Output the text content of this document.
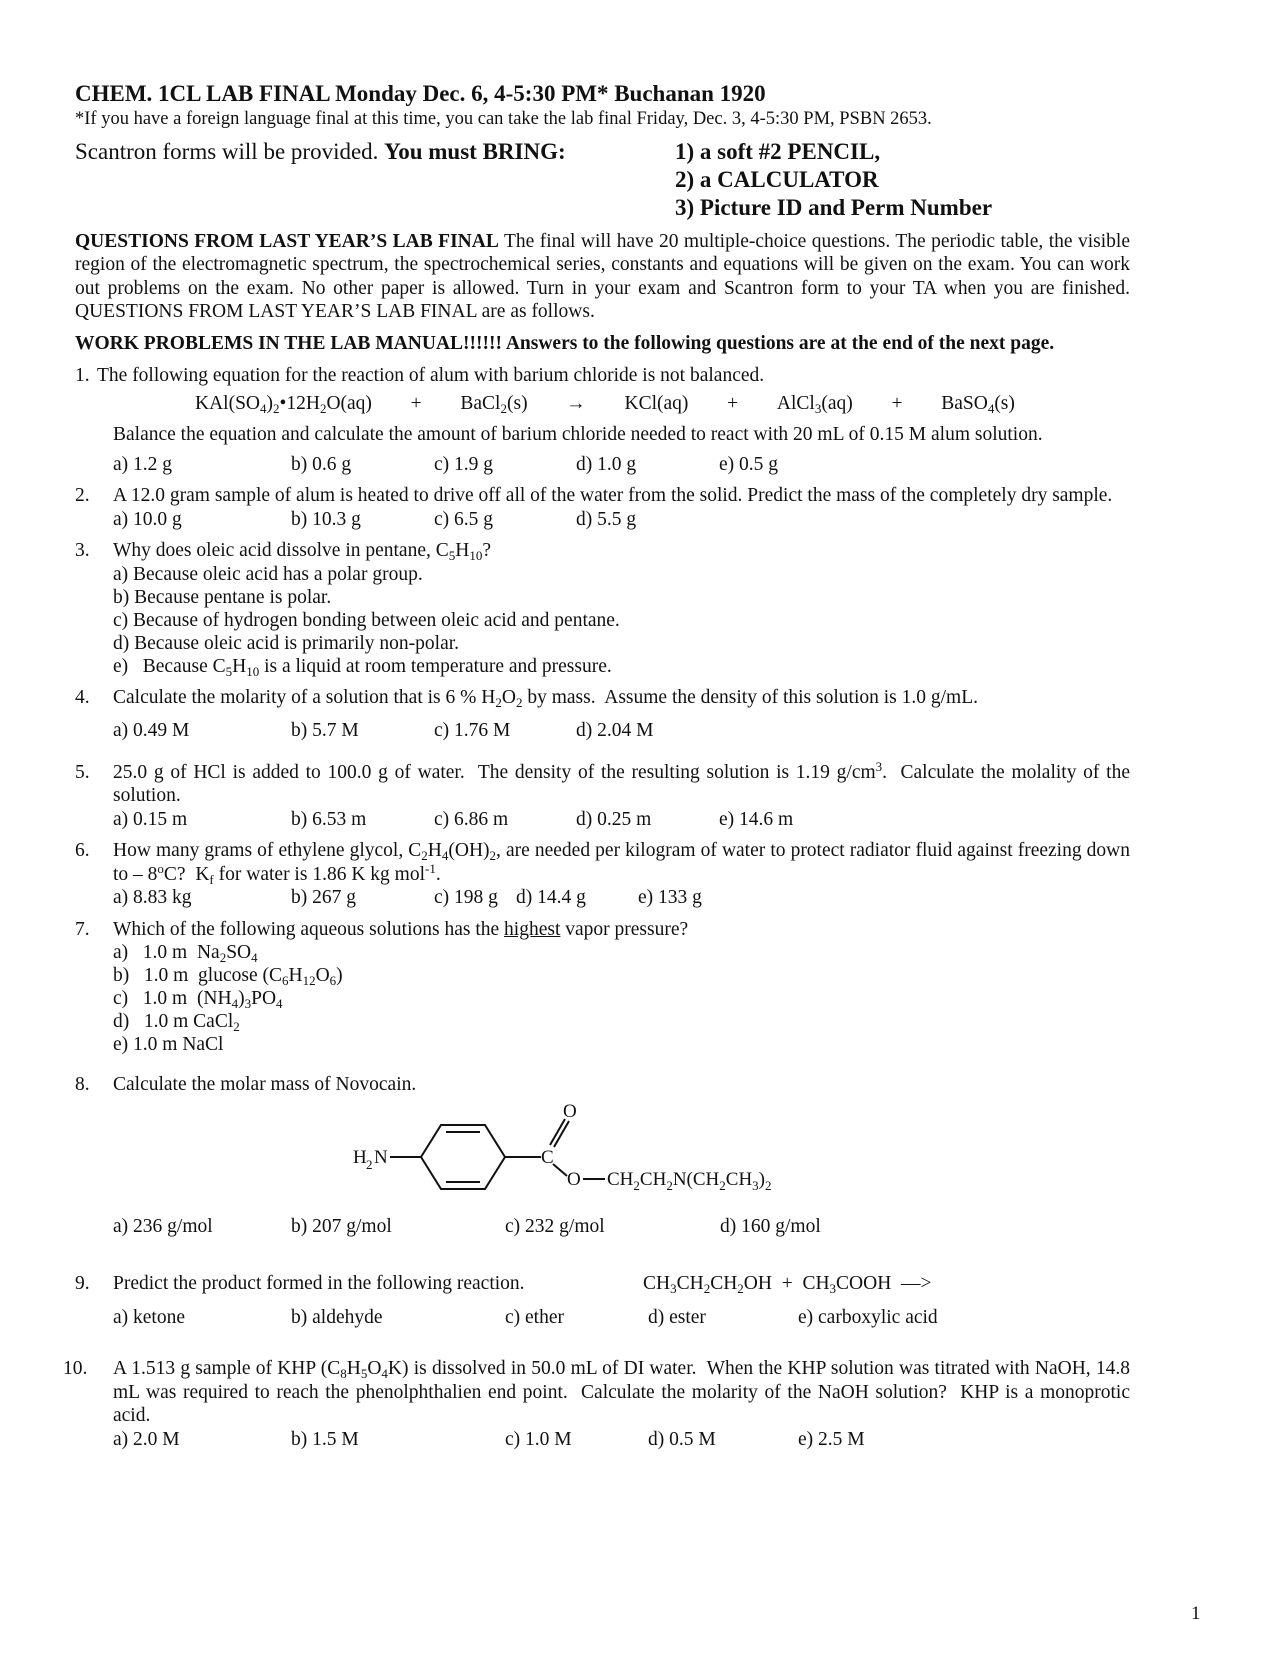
CHEM. 1CL LAB FINAL Monday Dec. 6, 4-5:30 PM* Buchanan 1920
*If you have a foreign language final at this time, you can take the lab final Friday, Dec. 3, 4-5:30 PM, PSBN 2653.
Scantron forms will be provided. You must BRING:	1) a soft #2 PENCIL,
2) a CALCULATOR
3) Picture ID and Perm Number
QUESTIONS FROM LAST YEAR’S LAB FINAL The final will have 20 multiple-choice questions. The periodic table, the visible region of the electromagnetic spectrum, the spectrochemical series, constants and equations will be given on the exam. You can work out problems on the exam. No other paper is allowed. Turn in your exam and Scantron form to your TA when you are finished. QUESTIONS FROM LAST YEAR’S LAB FINAL are as follows.
WORK PROBLEMS IN THE LAB MANUAL!!!!!! Answers to the following questions are at the end of the next page.
1. The following equation for the reaction of alum with barium chloride is not balanced.
$KAl(SO_4)_2•12H_2O(aq)$ + BaCl$_2$(s) → KCl(aq) + AlCl$_3$(aq) + BaSO$_4$(s)
Balance the equation and calculate the amount of barium chloride needed to react with 20 mL of 0.15 M alum solution.
a) 1.2 g	b) 0.6 g	c) 1.9 g	d) 1.0 g	e) 0.5 g
2.	A 12.0 gram sample of alum is heated to drive off all of the water from the solid. Predict the mass of the completely dry sample.
a) 10.0 g	b) 10.3 g	c) 6.5 g	d) 5.5 g
3.	Why does oleic acid dissolve in pentane, $C_5H_{10}$?
a) Because oleic acid has a polar group.
b) Because pentane is polar.
c) Because of hydrogen bonding between oleic acid and pentane.
d) Because oleic acid is primarily non-polar.
e)   Because $C_5H_{10}$ is a liquid at room temperature and pressure.
4.	Calculate the molarity of a solution that is 6 % $H_2O_2$ by mass.  Assume the density of this solution is 1.0 g/mL.
a) 0.49 M	b) 5.7 M	c) 1.76 M	d) 2.04 M
5.	25.0 g of HCl is added to 100.0 g of water.  The density of the resulting solution is 1.19 $g/cm^3$.  Calculate the molality of the solution.
a) 0.15 m	b) 6.53 m	c) 6.86 m	d) 0.25 m	e) 14.6 m
6.	How many grams of ethylene glycol, $C_2H_4(OH)_2$, are needed per kilogram of water to protect radiator fluid against freezing down to – 8$^o$C?  $K_f$ for water is 1.86 K kg mol$^{-1}$.
a) 8.83 kg	b) 267 g	c) 198 g d) 14.4 g	e) 133 g
7.	Which of the following aqueous solutions has the highest vapor pressure?
a)   1.0 m  $Na_2SO_4$
b)   1.0 m  glucose $(C_6H_{12}O_6)$
c)   1.0 m  $(NH_4)_3PO_4$
d)   1.0 m CaCl$_2$
e) 1.0 m NaCl
8.	Calculate the molar mass of Novocain.
H 2 N	C
O
O $CH_2CH_2N(CH_2CH_3)_2$
a) 236 g/mol	b) 207 g/mol	c) 232 g/mol	d) 160 g/mol
9.	Predict the product formed in the following reaction.	$CH_3CH_2CH_2OH$  +  $CH_3COOH$  —>
a) ketone	b) aldehyde	c) ether	d) ester	e) carboxylic acid
10. A 1.513 g sample of KHP $(C_8H_5O_4K)$ is dissolved in 50.0 mL of DI water.  When the KHP solution was titrated with NaOH, 14.8 mL was required to reach the phenolphthalien end point.  Calculate the molarity of the NaOH solution?  KHP is a monoprotic acid.
a) 2.0 M	b) 1.5 M	c) 1.0 M	d) 0.5 M	e) 2.5 M
1
